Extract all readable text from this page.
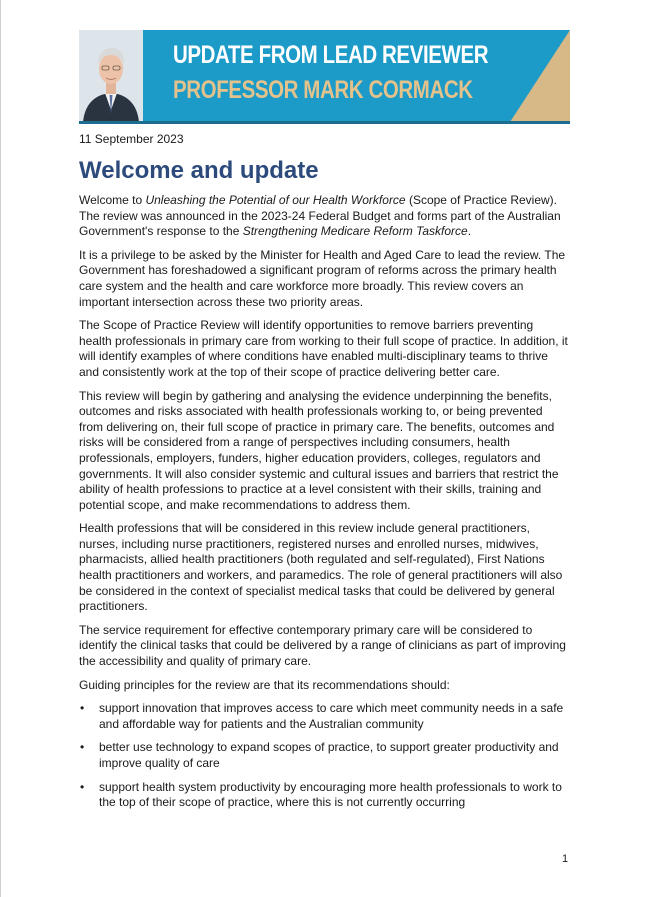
UPDATE FROM LEAD REVIEWER
PROFESSOR MARK CORMACK
11 September 2023
Welcome and update

Welcome to Unleashing the Potential of our Health Workforce (Scope of Practice Review). The review was announced in the 2023-24 Federal Budget and forms part of the Australian Government's response to the Strengthening Medicare Reform Taskforce.

It is a privilege to be asked by the Minister for Health and Aged Care to lead the review. The Government has foreshadowed a significant program of reforms across the primary health care system and the health and care workforce more broadly. This review covers an important intersection across these two priority areas.

The Scope of Practice Review will identify opportunities to remove barriers preventing health professionals in primary care from working to their full scope of practice. In addition, it will identify examples of where conditions have enabled multi-disciplinary teams to thrive and consistently work at the top of their scope of practice delivering better care.

This review will begin by gathering and analysing the evidence underpinning the benefits, outcomes and risks associated with health professionals working to, or being prevented from delivering on, their full scope of practice in primary care. The benefits, outcomes and risks will be considered from a range of perspectives including consumers, health professionals, employers, funders, higher education providers, colleges, regulators and governments. It will also consider systemic and cultural issues and barriers that restrict the ability of health professions to practice at a level consistent with their skills, training and potential scope, and make recommendations to address them.

Health professions that will be considered in this review include general practitioners, nurses, including nurse practitioners, registered nurses and enrolled nurses, midwives, pharmacists, allied health practitioners (both regulated and self-regulated), First Nations health practitioners and workers, and paramedics. The role of general practitioners will also be considered in the context of specialist medical tasks that could be delivered by general practitioners.

The service requirement for effective contemporary primary care will be considered to identify the clinical tasks that could be delivered by a range of clinicians as part of improving the accessibility and quality of primary care.

Guiding principles for the review are that its recommendations should:

• support innovation that improves access to care which meet community needs in a safe and affordable way for patients and the Australian community
• better use technology to expand scopes of practice, to support greater productivity and improve quality of care
• support health system productivity by encouraging more health professionals to work to the top of their scope of practice, where this is not currently occurring
1
